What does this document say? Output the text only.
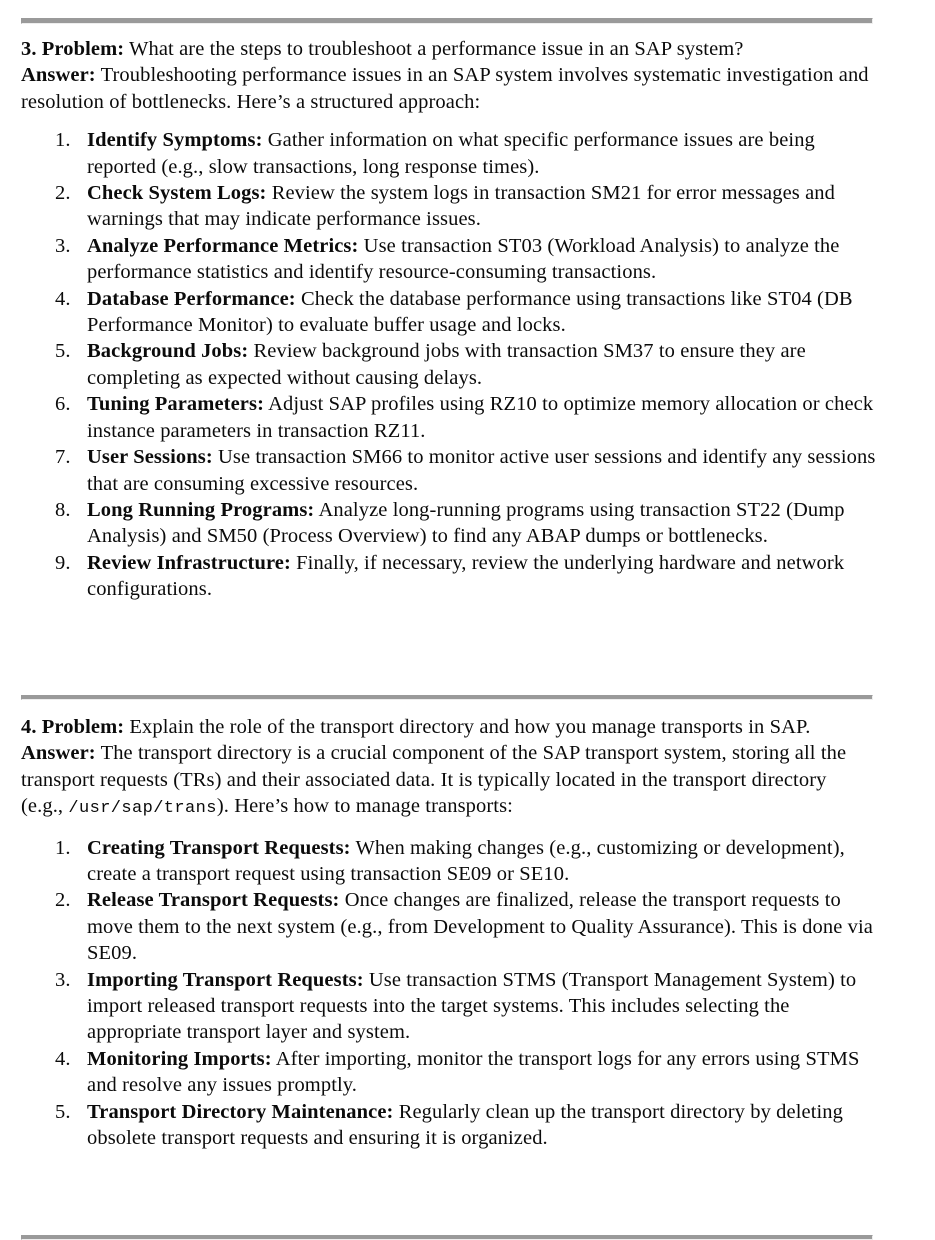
3. Problem: What are the steps to troubleshoot a performance issue in an SAP system?

Answer: Troubleshooting performance issues in an SAP system involves systematic investigation and resolution of bottlenecks. Here’s a structured approach:

Identify Symptoms: Gather information on what specific performance issues are being reported (e.g., slow transactions, long response times).
Check System Logs: Review the system logs in transaction SM21 for error messages and warnings that may indicate performance issues.
Analyze Performance Metrics: Use transaction ST03 (Workload Analysis) to analyze the performance statistics and identify resource-consuming transactions.
Database Performance: Check the database performance using transactions like ST04 (DB Performance Monitor) to evaluate buffer usage and locks.
Background Jobs: Review background jobs with transaction SM37 to ensure they are completing as expected without causing delays.
Tuning Parameters: Adjust SAP profiles using RZ10 to optimize memory allocation or check instance parameters in transaction RZ11.
User Sessions: Use transaction SM66 to monitor active user sessions and identify any sessions that are consuming excessive resources.
Long Running Programs: Analyze long-running programs using transaction ST22 (Dump Analysis) and SM50 (Process Overview) to find any ABAP dumps or bottlenecks.
Review Infrastructure: Finally, if necessary, review the underlying hardware and network configurations.

4. Problem: Explain the role of the transport directory and how you manage transports in SAP.

Answer: The transport directory is a crucial component of the SAP transport system, storing all the transport requests (TRs) and their associated data. It is typically located in the transport directory (e.g., /usr/sap/trans). Here’s how to manage transports:

Creating Transport Requests: When making changes (e.g., customizing or development), create a transport request using transaction SE09 or SE10.
Release Transport Requests: Once changes are finalized, release the transport requests to move them to the next system (e.g., from Development to Quality Assurance). This is done via SE09.
Importing Transport Requests: Use transaction STMS (Transport Management System) to import released transport requests into the target systems. This includes selecting the appropriate transport layer and system.
Monitoring Imports: After importing, monitor the transport logs for any errors using STMS and resolve any issues promptly.
Transport Directory Maintenance: Regularly clean up the transport directory by deleting obsolete transport requests and ensuring it is organized.
